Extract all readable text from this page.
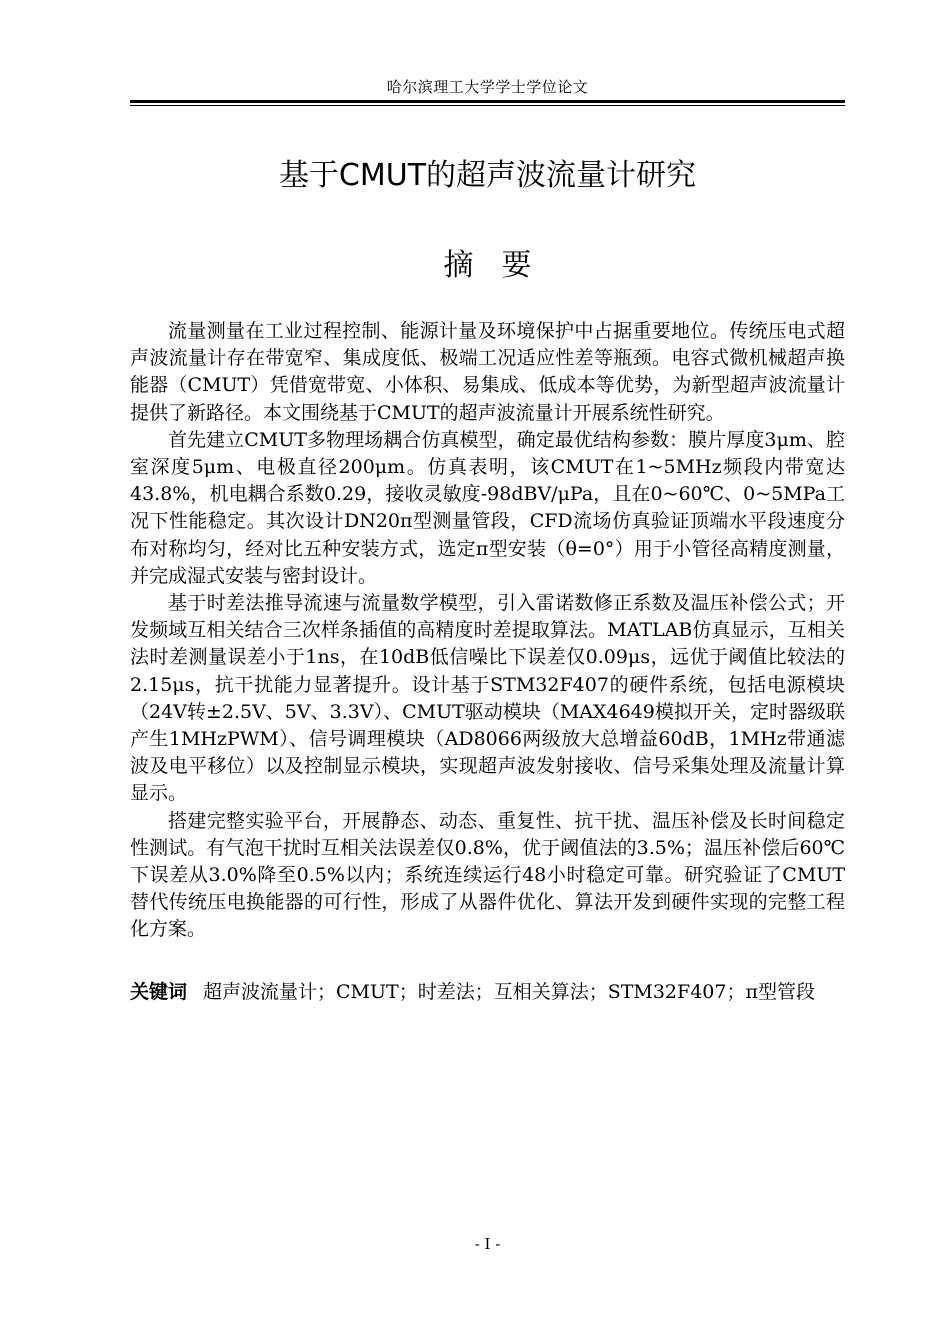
哈尔滨理工大学学士学位论文
基于CMUT的超声波流量计研究
摘要

流量测量在工业过程控制、能源计量及环境保护中占据重要地位。传统压电式超声波流量计存在带宽窄、集成度低、极端工况适应性差等瓶颈。电容式微机械超声换能器（CMUT）凭借宽带宽、小体积、易集成、低成本等优势，为新型超声波流量计提供了新路径。本文围绕基于CMUT的超声波流量计开展系统性研究。

首先建立CMUT多物理场耦合仿真模型，确定最优结构参数：膜片厚度3μm、腔室深度5μm、电极直径200μm。仿真表明，该CMUT在1~5MHz频段内带宽达43.8%，机电耦合系数0.29，接收灵敏度-98dBV/μPa，且在0~60℃、0~5MPa工况下性能稳定。其次设计DN20π型测量管段，CFD流场仿真验证顶端水平段速度分布对称均匀，经对比五种安装方式，选定π型安装（θ=0°）用于小管径高精度测量，并完成湿式安装与密封设计。

基于时差法推导流速与流量数学模型，引入雷诺数修正系数及温压补偿公式；开发频域互相关结合三次样条插值的高精度时差提取算法。MATLAB仿真显示，互相关法时差测量误差小于1ns，在10dB低信噪比下误差仅0.09μs，远优于阈值比较法的2.15μs，抗干扰能力显著提升。设计基于STM32F407的硬件系统，包括电源模块（24V转±2.5V、5V、3.3V）、CMUT驱动模块（MAX4649模拟开关，定时器级联产生1MHzPWM）、信号调理模块（AD8066两级放大总增益60dB，1MHz带通滤波及电平移位）以及控制显示模块，实现超声波发射接收、信号采集处理及流量计算显示。

搭建完整实验平台，开展静态、动态、重复性、抗干扰、温压补偿及长时间稳定性测试。有气泡干扰时互相关法误差仅0.8%，优于阈值法的3.5%；温压补偿后60℃下误差从3.0%降至0.5%以内；系统连续运行48小时稳定可靠。研究验证了CMUT替代传统压电换能器的可行性，形成了从器件优化、算法开发到硬件实现的完整工程化方案。

关键词 超声波流量计；CMUT；时差法；互相关算法；STM32F407；π型管段

- I -
